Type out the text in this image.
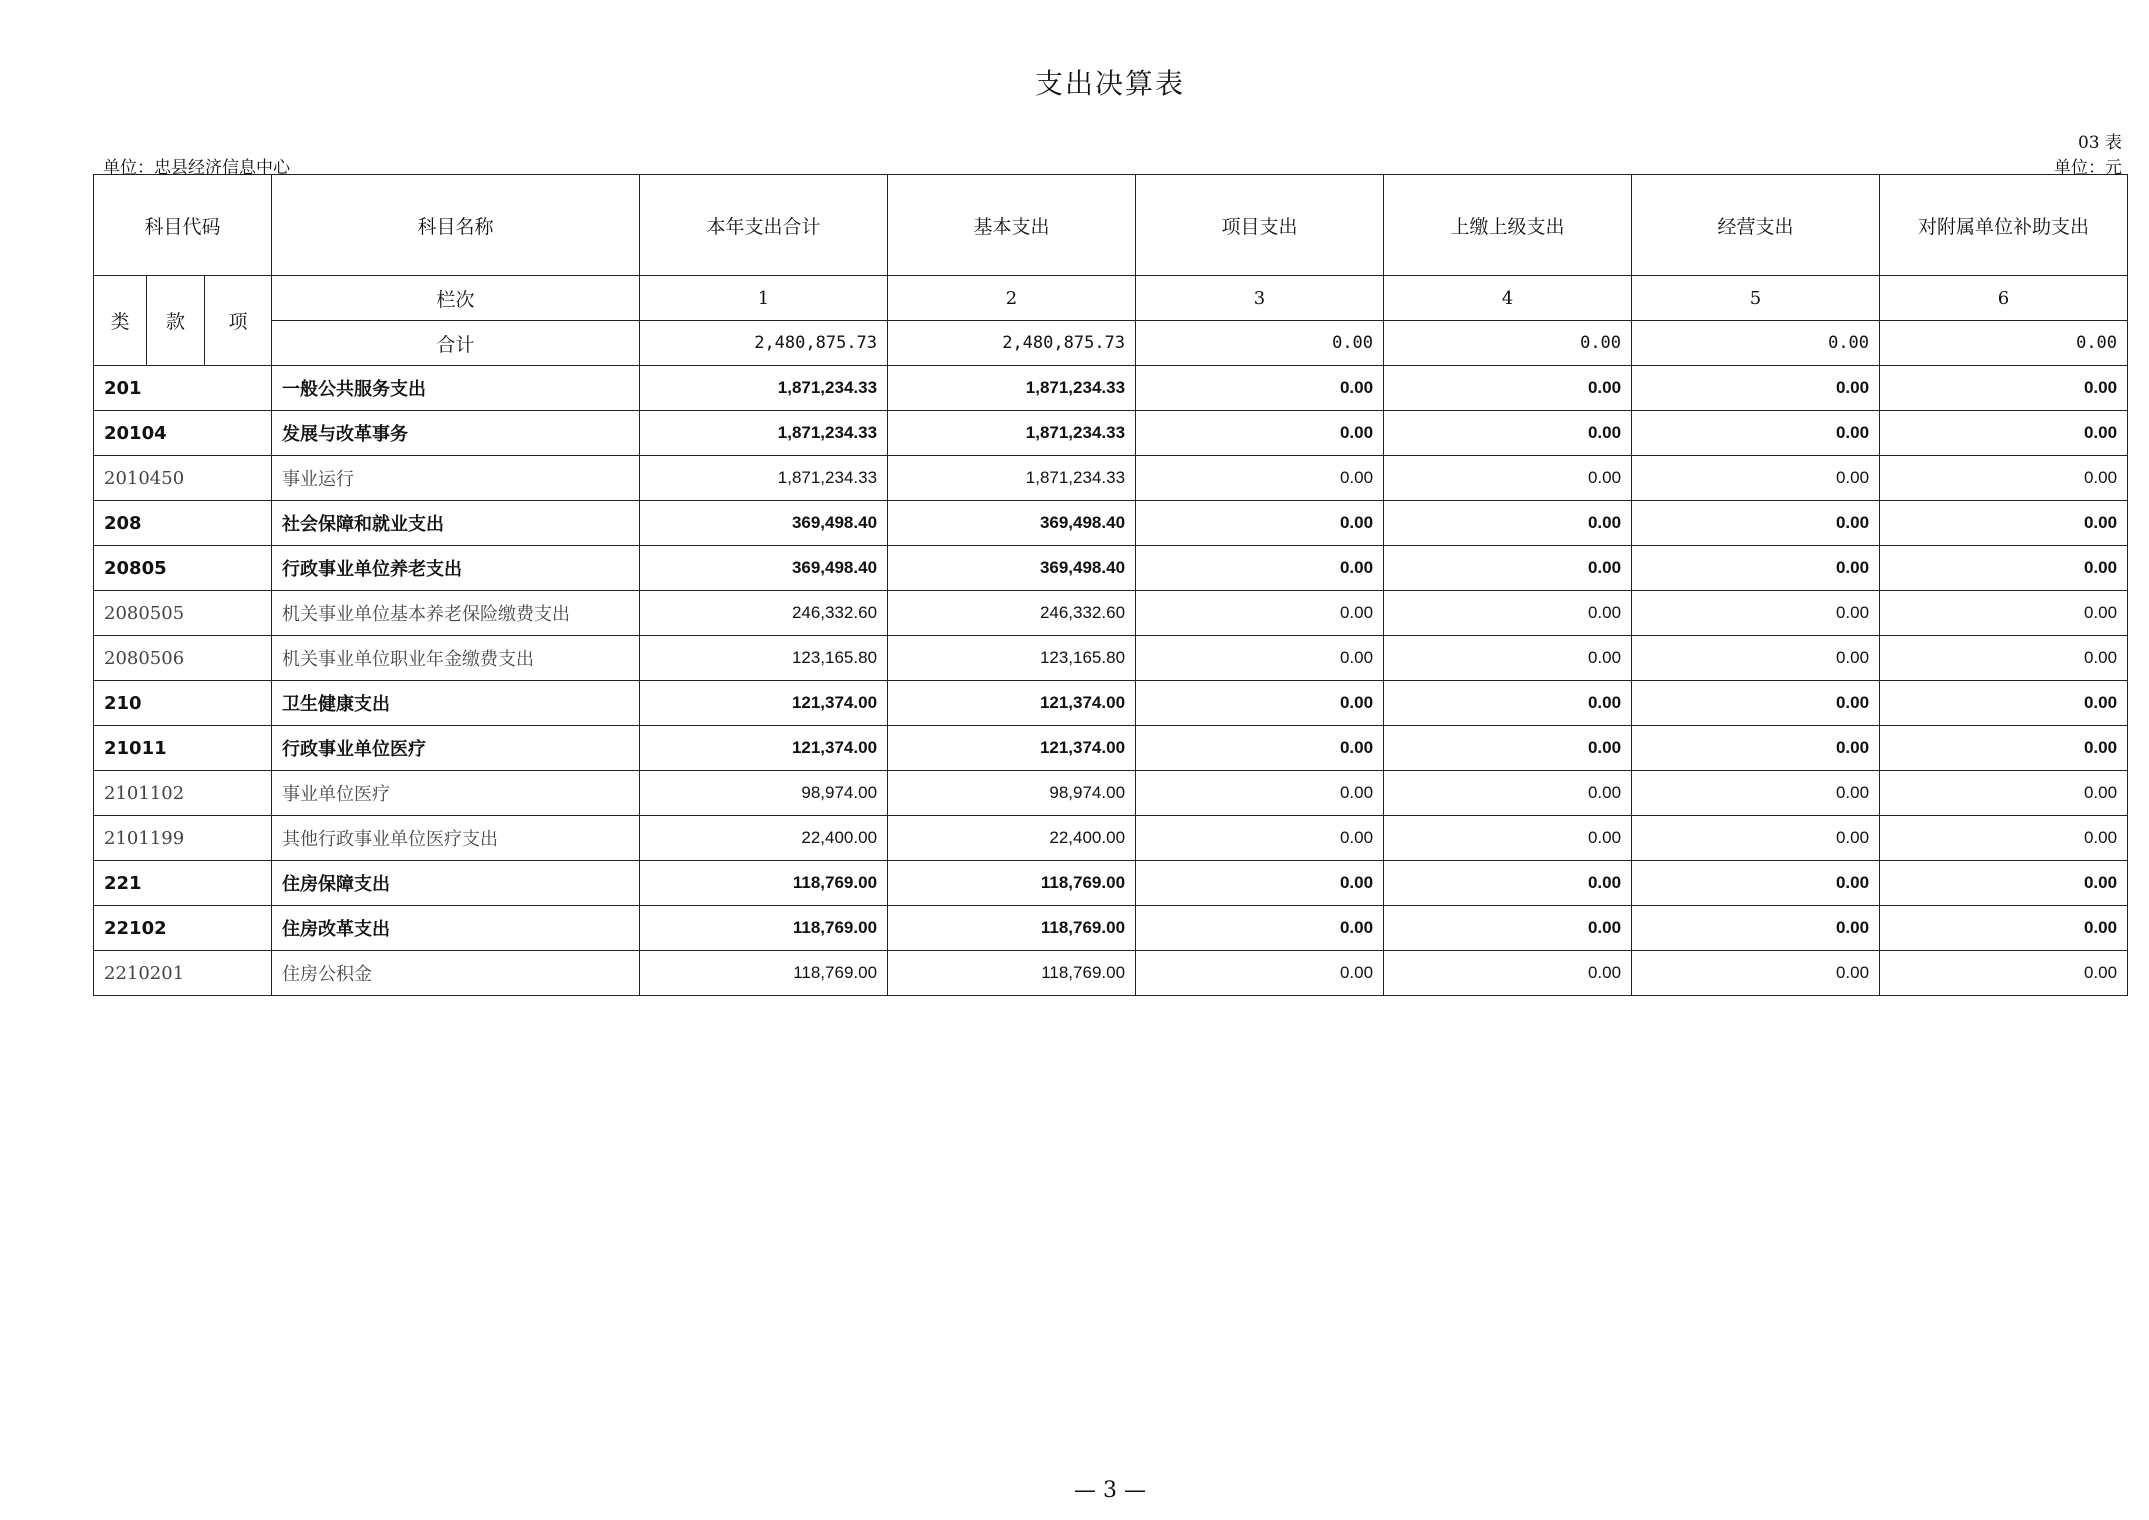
支出决算表
03 表
单位：忠县经济信息中心	单位：元
科目代码			科目名称	本年支出合计	基本支出	项目支出	上缴上级支出	经营支出	对附属单位补助支出
类	款	项	栏次	1	2	3	4	5	6
			合计	2,480,875.73	2,480,875.73	0.00	0.00	0.00	0.00
201			一般公共服务支出	1,871,234.33	1,871,234.33	0.00	0.00	0.00	0.00
20104			发展与改革事务	1,871,234.33	1,871,234.33	0.00	0.00	0.00	0.00
2010450			事业运行	1,871,234.33	1,871,234.33	0.00	0.00	0.00	0.00
208			社会保障和就业支出	369,498.40	369,498.40	0.00	0.00	0.00	0.00
20805			行政事业单位养老支出	369,498.40	369,498.40	0.00	0.00	0.00	0.00
2080505			机关事业单位基本养老保险缴费支出	246,332.60	246,332.60	0.00	0.00	0.00	0.00
2080506			机关事业单位职业年金缴费支出	123,165.80	123,165.80	0.00	0.00	0.00	0.00
210			卫生健康支出	121,374.00	121,374.00	0.00	0.00	0.00	0.00
21011			行政事业单位医疗	121,374.00	121,374.00	0.00	0.00	0.00	0.00
2101102			事业单位医疗	98,974.00	98,974.00	0.00	0.00	0.00	0.00
2101199			其他行政事业单位医疗支出	22,400.00	22,400.00	0.00	0.00	0.00	0.00
221			住房保障支出	118,769.00	118,769.00	0.00	0.00	0.00	0.00
22102			住房改革支出	118,769.00	118,769.00	0.00	0.00	0.00	0.00
2210201			住房公积金	118,769.00	118,769.00	0.00	0.00	0.00	0.00
— 3 —
